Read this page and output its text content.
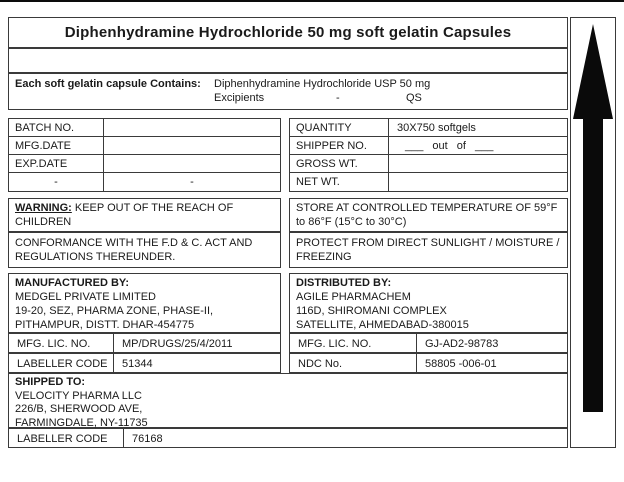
Diphenhydramine Hydrochloride 50 mg soft gelatin Capsules
Each soft gelatin capsule Contains:	Diphenhydramine Hydrochloride USP 50 mg
Excipients	-	QS
BATCH NO.
MFG.DATE
EXP.DATE
-	-
QUANTITY	30X750 softgels
SHIPPER NO.	___ out of ___
GROSS WT.
NET WT.
WARNING: KEEP OUT OF THE REACH OF CHILDREN
STORE AT CONTROLLED TEMPERATURE OF 59°F to 86°F (15°C to 30°C)
CONFORMANCE WITH THE F.D & C. ACT AND REGULATIONS THEREUNDER.
PROTECT FROM DIRECT SUNLIGHT / MOISTURE / FREEZING
MANUFACTURED BY:
MEDGEL PRIVATE LIMITED
19-20, SEZ, PHARMA ZONE, PHASE-II,
PITHAMPUR, DISTT. DHAR-454775
DISTRIBUTED BY:
AGILE PHARMACHEM
116D, SHIROMANI COMPLEX
SATELLITE, AHMEDABAD-380015
MFG. LIC. NO.	MP/DRUGS/25/4/2011
LABELLER CODE	51344
MFG. LIC. NO.	GJ-AD2-98783
NDC No.	58805 -006-01
SHIPPED TO:
VELOCITY PHARMA LLC
226/B, SHERWOOD AVE,
FARMINGDALE, NY-11735
LABELLER CODE	76168
